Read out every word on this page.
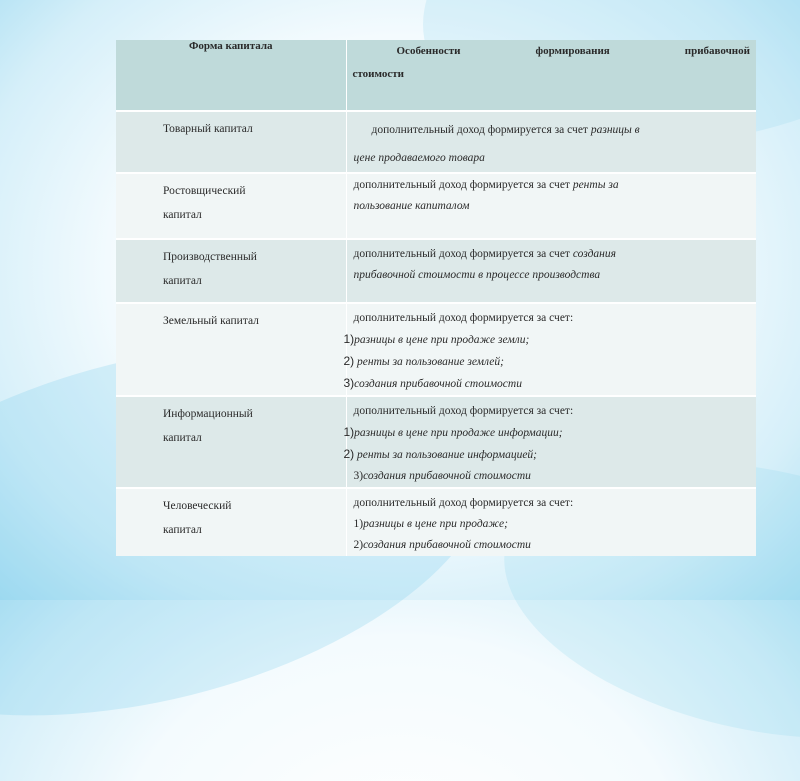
Форма капитала	Особенности формирования прибавочной
стоимости

Товарный капитал	дополнительный доход формируется за счет разницы в
цене продаваемого товара

Ростовщический
капитал	дополнительный доход формируется за счет ренты за
пользование капиталом

Производственный
капитал	дополнительный доход формируется за счет создания
прибавочной стоимости в процессе производства

Земельный капитал	дополнительный доход формируется за счет:
1)разницы в цене при продаже земли;
2) ренты за пользование землей;
3)создания прибавочной стоимости

Информационный
капитал	дополнительный доход формируется за счет:
1)разницы в цене при продаже информации;
2) ренты за пользование информацией;
3)создания прибавочной стоимости

Человеческий
капитал	дополнительный доход формируется за счет:
1)разницы в цене при продаже;
2)создания прибавочной стоимости
